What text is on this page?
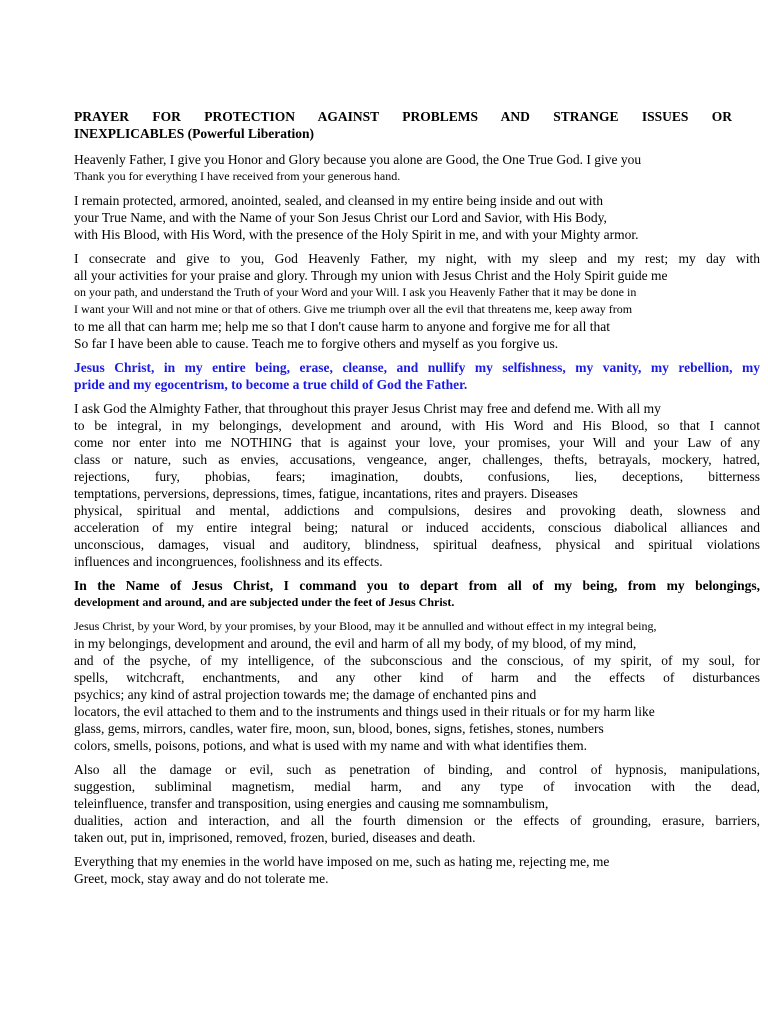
PRAYER FOR PROTECTION AGAINST PROBLEMS AND STRANGE ISSUES OR
INEXPLICABLES (Powerful Liberation)
Heavenly Father, I give you Honor and Glory because you alone are Good, the One True God. I give you
Thank you for everything I have received from your generous hand.
I remain protected, armored, anointed, sealed, and cleansed in my entire being inside and out with
your True Name, and with the Name of your Son Jesus Christ our Lord and Savior, with His Body,
with His Blood, with His Word, with the presence of the Holy Spirit in me, and with your Mighty armor.
I consecrate and give to you, God Heavenly Father, my night, with my sleep and my rest; my day with
all your activities for your praise and glory. Through my union with Jesus Christ and the Holy Spirit guide me
on your path, and understand the Truth of your Word and your Will. I ask you Heavenly Father that it may be done in
I want your Will and not mine or that of others. Give me triumph over all the evil that threatens me, keep away from
to me all that can harm me; help me so that I don't cause harm to anyone and forgive me for all that
So far I have been able to cause. Teach me to forgive others and myself as you forgive us.
Jesus Christ, in my entire being, erase, cleanse, and nullify my selfishness, my vanity, my rebellion, my
pride and my egocentrism, to become a true child of God the Father.
I ask God the Almighty Father, that throughout this prayer Jesus Christ may free and defend me. With all my
to be integral, in my belongings, development and around, with His Word and His Blood, so that I cannot
come nor enter into me NOTHING that is against your love, your promises, your Will and your Law of any
class or nature, such as envies, accusations, vengeance, anger, challenges, thefts, betrayals, mockery, hatred,
rejections, fury, phobias, fears; imagination, doubts, confusions, lies, deceptions, bitterness
temptations, perversions, depressions, times, fatigue, incantations, rites and prayers. Diseases
physical, spiritual and mental, addictions and compulsions, desires and provoking death, slowness and
acceleration of my entire integral being; natural or induced accidents, conscious diabolical alliances and
unconscious, damages, visual and auditory, blindness, spiritual deafness, physical and spiritual violations
influences and incongruences, foolishness and its effects.
In the Name of Jesus Christ, I command you to depart from all of my being, from my belongings,
development and around, and are subjected under the feet of Jesus Christ.
Jesus Christ, by your Word, by your promises, by your Blood, may it be annulled and without effect in my integral being,
in my belongings, development and around, the evil and harm of all my body, of my blood, of my mind,
and of the psyche, of my intelligence, of the subconscious and the conscious, of my spirit, of my soul, for
spells, witchcraft, enchantments, and any other kind of harm and the effects of disturbances
psychics; any kind of astral projection towards me; the damage of enchanted pins and
locators, the evil attached to them and to the instruments and things used in their rituals or for my harm like
glass, gems, mirrors, candles, water fire, moon, sun, blood, bones, signs, fetishes, stones, numbers
colors, smells, poisons, potions, and what is used with my name and with what identifies them.
Also all the damage or evil, such as penetration of binding, and control of hypnosis, manipulations,
suggestion, subliminal magnetism, medial harm, and any type of invocation with the dead,
teleinfluence, transfer and transposition, using energies and causing me somnambulism,
dualities, action and interaction, and all the fourth dimension or the effects of grounding, erasure, barriers,
taken out, put in, imprisoned, removed, frozen, buried, diseases and death.
Everything that my enemies in the world have imposed on me, such as hating me, rejecting me, me
Greet, mock, stay away and do not tolerate me.
